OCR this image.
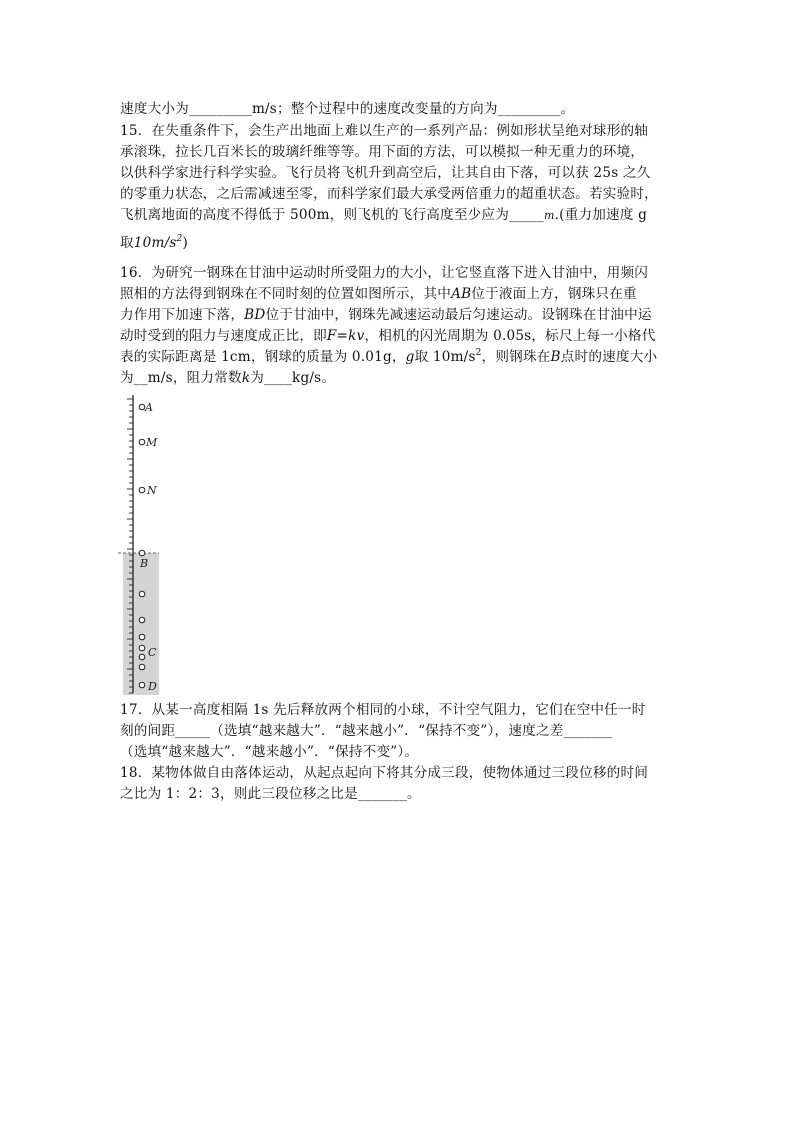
速度大小为_________m/s；整个过程中的速度改变量的方向为_________。
15．在失重条件下，会生产出地面上难以生产的一系列产品：例如形状呈绝对球形的轴
承滚珠，拉长几百米长的玻璃纤维等等。用下面的方法，可以模拟一种无重力的环境，
以供科学家进行科学实验。飞行员将飞机升到高空后，让其自由下落，可以获 25s 之久
的零重力状态，之后需减速至零，而科学家们最大承受两倍重力的超重状态。若实验时，
飞机离地面的高度不得低于 500m，则飞机的飞行高度至少应为_____m.(重力加速度 g
取$10m/s^2$)
16．为研究一钢珠在甘油中运动时所受阻力的大小，让它竖直落下进入甘油中，用频闪
照相的方法得到钢珠在不同时刻的位置如图所示，其中AB位于液面上方，钢珠只在重
力作用下加速下落，BD位于甘油中，钢珠先减速运动最后匀速运动。设钢珠在甘油中运
动时受到的阻力与速度成正比，即F=kv，相机的闪光周期为 0.05s，标尺上每一小格代
表的实际距离是 1cm，钢球的质量为 0.01g，g取 $10m/s^2$，则钢珠在B点时的速度大小
为__m/s，阻力常数k为____kg/s。
A
M
N
B
C
D
17．从某一高度相隔 1s 先后释放两个相同的小球，不计空气阻力，它们在空中任一时
刻的间距_____（选填“越来越大”．“越来越小”．“保持不变”），速度之差_______
（选填“越来越大”．“越来越小”．“保持不变”）。
18．某物体做自由落体运动，从起点起向下将其分成三段，使物体通过三段位移的时间
之比为 1：2：3，则此三段位移之比是_______。
